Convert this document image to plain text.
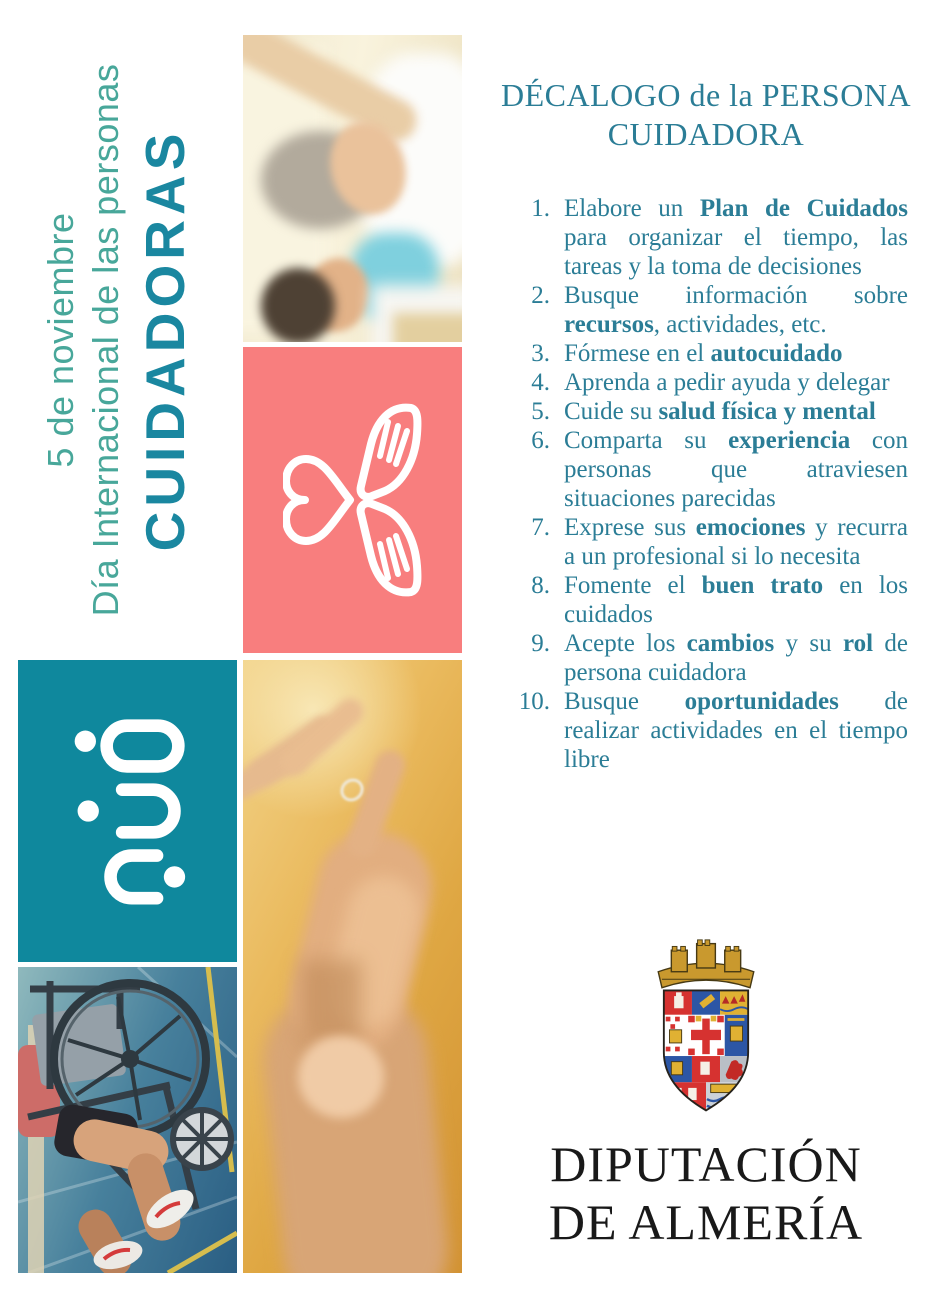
5 de noviembre Día Internacional de las personas CUIDADORAS
DÉCALOGO de la PERSONA CUIDADORA
1. Elabore un Plan de Cuidados para organizar el tiempo, las tareas y la toma de decisiones
2. Busque información sobre recursos, actividades, etc.
3. Fórmese en el autocuidado
4. Aprenda a pedir ayuda y delegar
5. Cuide su salud física y mental
6. Comparta su experiencia con personas que atraviesen situaciones parecidas
7. Exprese sus emociones y recurra a un profesional si lo necesita
8. Fomente el buen trato en los cuidados
9. Acepte los cambios y su rol de persona cuidadora
10. Busque oportunidades de realizar actividades en el tiempo libre
DIPUTACIÓN
DE ALMERÍA
